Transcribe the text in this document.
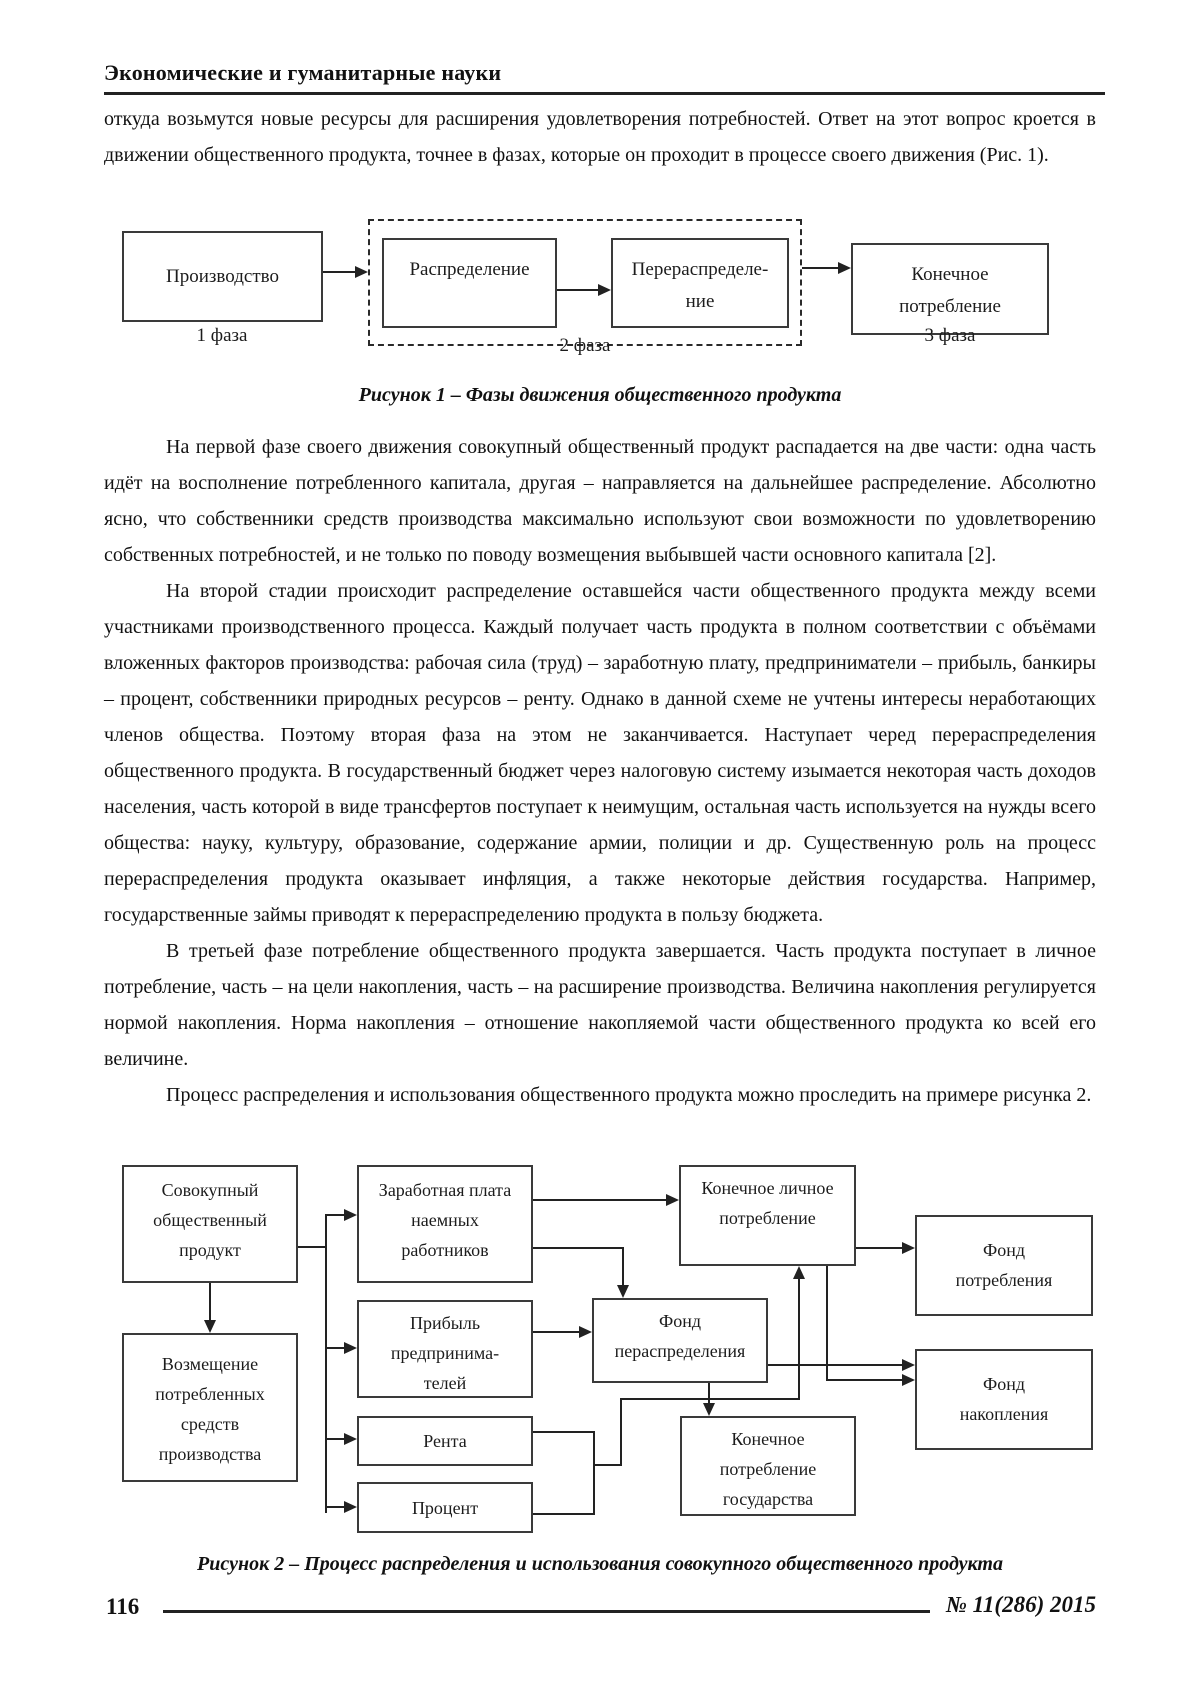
Экономические и гуманитарные науки

откуда возьмутся новые ресурсы для расширения удовлетворения потребностей. Ответ на этот вопрос кроется в движении общественного продукта, точнее в фазах, которые он проходит в процессе своего движения (Рис. 1).

Производство	Распределение	Перераспределе-
ние
Конечное
потребление
1 фаза	2 фаза	3 фаза
Рисунок 1 – Фазы движения общественного продукта

На первой фазе своего движения совокупный общественный продукт распадается на две части: одна часть идёт на восполнение потребленного капитала, другая – направляется на дальнейшее распределение. Абсолютно ясно, что собственники средств производства максимально используют свои возможности по удовлетворению собственных потребностей, и не только по поводу возмещения выбывшей части основного капитала [2].

На второй стадии происходит распределение оставшейся части общественного продукта между всеми участниками производственного процесса. Каждый получает часть продукта в полном соответствии с объёмами вложенных факторов производства: рабочая сила (труд) – заработную плату, предприниматели – прибыль, банкиры – процент, собственники природных ресурсов – ренту. Однако в данной схеме не учтены интересы неработающих членов общества. Поэтому вторая фаза на этом не заканчивается. Наступает черед перераспределения общественного продукта. В государственный бюджет через налоговую систему изымается некоторая часть доходов населения, часть которой в виде трансфертов поступает к неимущим, остальная часть используется на нужды всего общества: науку, культуру, образование, содержание армии, полиции и др. Существенную роль на процесс перераспределения продукта оказывает инфляция, а также некоторые действия государства. Например, государственные займы приводят к перераспределению продукта в пользу бюджета.

В третьей фазе потребление общественного продукта завершается. Часть продукта поступает в личное потребление, часть – на цели накопления, часть – на расширение производства. Величина накопления регулируется нормой накопления. Норма накопления – отношение накопляемой части общественного продукта ко всей его величине.

Процесс распределения и использования общественного продукта можно проследить на примере рисунка 2.

Совокупный
общественный
продукт
Возмещение
потребленных
средств
производства
Заработная плата
наемных
работников
Прибыль
предпринима-
телей
Рента
Процент
Конечное личное
потребление
Фонд
пераспределения
Фонд
потребления
Фонд
накопления
Конечное
потребление
государства
Рисунок 2 – Процесс распределения и использования совокупного общественного продукта
116	№ 11(286) 2015
